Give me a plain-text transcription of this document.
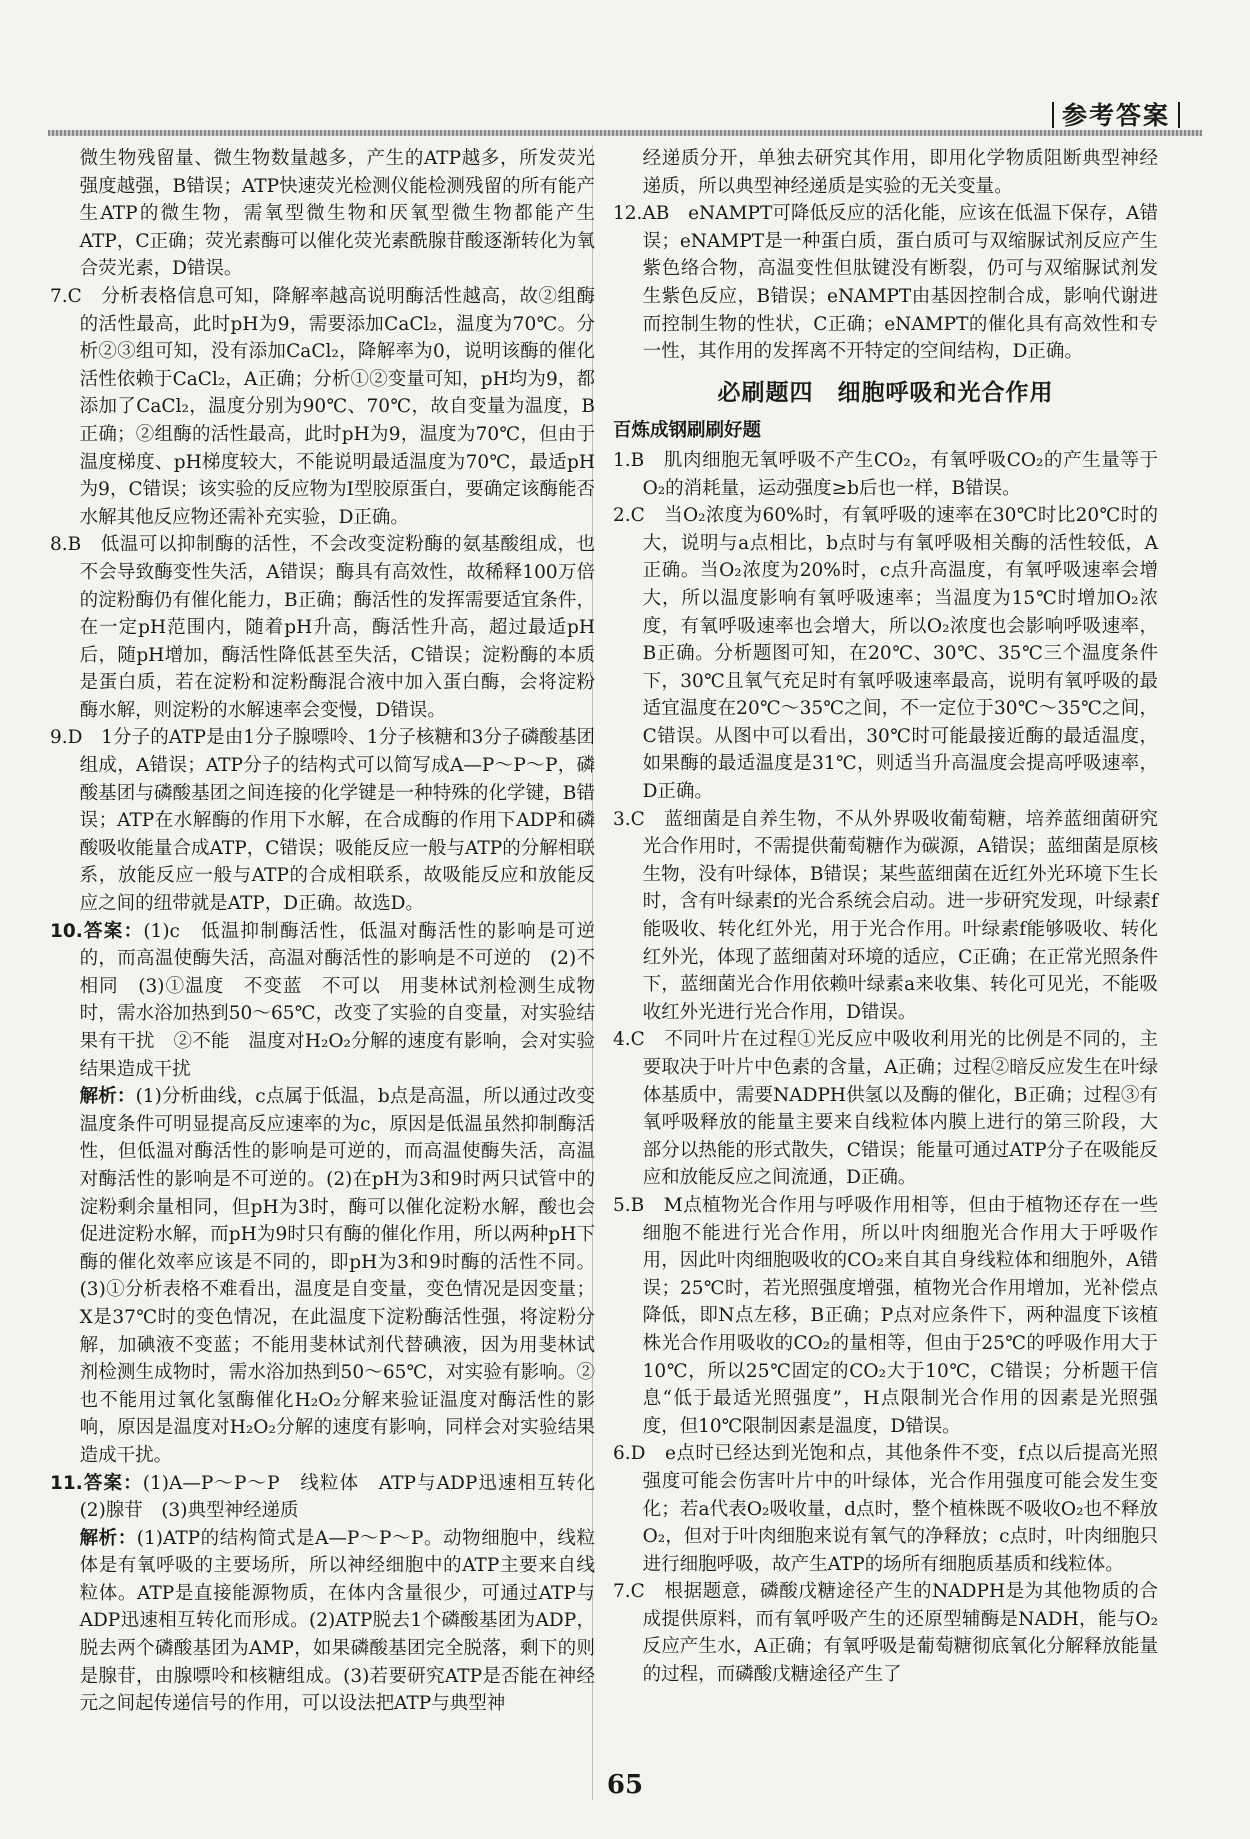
参考答案

微生物残留量、微生物数量越多，产生的ATP越多，所发荧光强度越强，B错误；ATP快速荧光检测仪能检测残留的所有能产生ATP的微生物，需氧型微生物和厌氧型微生物都能产生ATP，C正确；荧光素酶可以催化荧光素酰腺苷酸逐渐转化为氧合荧光素，D错误。

7.C　分析表格信息可知，降解率越高说明酶活性越高，故②组酶的活性最高，此时pH为9，需要添加CaCl₂，温度为70℃。分析②③组可知，没有添加CaCl₂，降解率为0，说明该酶的催化活性依赖于CaCl₂，A正确；分析①②变量可知，pH均为9，都添加了CaCl₂，温度分别为90℃、70℃，故自变量为温度，B正确；②组酶的活性最高，此时pH为9，温度为70℃，但由于温度梯度、pH梯度较大，不能说明最适温度为70℃，最适pH为9，C错误；该实验的反应物为Ⅰ型胶原蛋白，要确定该酶能否水解其他反应物还需补充实验，D正确。

8.B　低温可以抑制酶的活性，不会改变淀粉酶的氨基酸组成，也不会导致酶变性失活，A错误；酶具有高效性，故稀释100万倍的淀粉酶仍有催化能力，B正确；酶活性的发挥需要适宜条件，在一定pH范围内，随着pH升高，酶活性升高，超过最适pH后，随pH增加，酶活性降低甚至失活，C错误；淀粉酶的本质是蛋白质，若在淀粉和淀粉酶混合液中加入蛋白酶，会将淀粉酶水解，则淀粉的水解速率会变慢，D错误。

9.D　1分子的ATP是由1分子腺嘌呤、1分子核糖和3分子磷酸基团组成，A错误；ATP分子的结构式可以简写成A—P～P～P，磷酸基团与磷酸基团之间连接的化学键是一种特殊的化学键，B错误；ATP在水解酶的作用下水解，在合成酶的作用下ADP和磷酸吸收能量合成ATP，C错误；吸能反应一般与ATP的分解相联系，放能反应一般与ATP的合成相联系，故吸能反应和放能反应之间的纽带就是ATP，D正确。故选D。

10.答案：(1)c　低温抑制酶活性，低温对酶活性的影响是可逆的，而高温使酶失活，高温对酶活性的影响是不可逆的　(2)不相同　(3)①温度　不变蓝　不可以　用斐林试剂检测生成物时，需水浴加热到50～65℃，改变了实验的自变量，对实验结果有干扰　②不能　温度对H₂O₂分解的速度有影响，会对实验结果造成干扰

解析：(1)分析曲线，c点属于低温，b点是高温，所以通过改变温度条件可明显提高反应速率的为c，原因是低温虽然抑制酶活性，但低温对酶活性的影响是可逆的，而高温使酶失活，高温对酶活性的影响是不可逆的。(2)在pH为3和9时两只试管中的淀粉剩余量相同，但pH为3时，酶可以催化淀粉水解，酸也会促进淀粉水解，而pH为9时只有酶的催化作用，所以两种pH下酶的催化效率应该是不同的，即pH为3和9时酶的活性不同。(3)①分析表格不难看出，温度是自变量，变色情况是因变量；X是37℃时的变色情况，在此温度下淀粉酶活性强，将淀粉分解，加碘液不变蓝；不能用斐林试剂代替碘液，因为用斐林试剂检测生成物时，需水浴加热到50～65℃，对实验有影响。②也不能用过氧化氢酶催化H₂O₂分解来验证温度对酶活性的影响，原因是温度对H₂O₂分解的速度有影响，同样会对实验结果造成干扰。

11.答案：(1)A—P～P～P　线粒体　ATP与ADP迅速相互转化　(2)腺苷　(3)典型神经递质

解析：(1)ATP的结构简式是A—P～P～P。动物细胞中，线粒体是有氧呼吸的主要场所，所以神经细胞中的ATP主要来自线粒体。ATP是直接能源物质，在体内含量很少，可通过ATP与ADP迅速相互转化而形成。(2)ATP脱去1个磷酸基团为ADP，脱去两个磷酸基团为AMP，如果磷酸基团完全脱落，剩下的则是腺苷，由腺嘌呤和核糖组成。(3)若要研究ATP是否能在神经元之间起传递信号的作用，可以设法把ATP与典型神

经递质分开，单独去研究其作用，即用化学物质阻断典型神经递质，所以典型神经递质是实验的无关变量。

12.AB　eNAMPT可降低反应的活化能，应该在低温下保存，A错误；eNAMPT是一种蛋白质，蛋白质可与双缩脲试剂反应产生紫色络合物，高温变性但肽键没有断裂，仍可与双缩脲试剂发生紫色反应，B错误；eNAMPT由基因控制合成，影响代谢进而控制生物的性状，C正确；eNAMPT的催化具有高效性和专一性，其作用的发挥离不开特定的空间结构，D正确。

必刷题四　细胞呼吸和光合作用
百炼成钢刷刷好题

1.B　肌肉细胞无氧呼吸不产生CO₂，有氧呼吸CO₂的产生量等于O₂的消耗量，运动强度≥b后也一样，B错误。

2.C　当O₂浓度为60%时，有氧呼吸的速率在30℃时比20℃时的大，说明与a点相比，b点时与有氧呼吸相关酶的活性较低，A正确。当O₂浓度为20%时，c点升高温度，有氧呼吸速率会增大，所以温度影响有氧呼吸速率；当温度为15℃时增加O₂浓度，有氧呼吸速率也会增大，所以O₂浓度也会影响呼吸速率，B正确。分析题图可知，在20℃、30℃、35℃三个温度条件下，30℃且氧气充足时有氧呼吸速率最高，说明有氧呼吸的最适宜温度在20℃～35℃之间，不一定位于30℃～35℃之间，C错误。从图中可以看出，30℃时可能最接近酶的最适温度，如果酶的最适温度是31℃，则适当升高温度会提高呼吸速率，D正确。

3.C　蓝细菌是自养生物，不从外界吸收葡萄糖，培养蓝细菌研究光合作用时，不需提供葡萄糖作为碳源，A错误；蓝细菌是原核生物，没有叶绿体，B错误；某些蓝细菌在近红外光环境下生长时，含有叶绿素f的光合系统会启动。进一步研究发现，叶绿素f能吸收、转化红外光，用于光合作用。叶绿素f能够吸收、转化红外光，体现了蓝细菌对环境的适应，C正确；在正常光照条件下，蓝细菌光合作用依赖叶绿素a来收集、转化可见光，不能吸收红外光进行光合作用，D错误。

4.C　不同叶片在过程①光反应中吸收利用光的比例是不同的，主要取决于叶片中色素的含量，A正确；过程②暗反应发生在叶绿体基质中，需要NADPH供氢以及酶的催化，B正确；过程③有氧呼吸释放的能量主要来自线粒体内膜上进行的第三阶段，大部分以热能的形式散失，C错误；能量可通过ATP分子在吸能反应和放能反应之间流通，D正确。

5.B　M点植物光合作用与呼吸作用相等，但由于植物还存在一些细胞不能进行光合作用，所以叶肉细胞光合作用大于呼吸作用，因此叶肉细胞吸收的CO₂来自其自身线粒体和细胞外，A错误；25℃时，若光照强度增强，植物光合作用增加，光补偿点降低，即N点左移，B正确；P点对应条件下，两种温度下该植株光合作用吸收的CO₂的量相等，但由于25℃的呼吸作用大于10℃，所以25℃固定的CO₂大于10℃，C错误；分析题干信息“低于最适光照强度”，H点限制光合作用的因素是光照强度，但10℃限制因素是温度，D错误。

6.D　e点时已经达到光饱和点，其他条件不变，f点以后提高光照强度可能会伤害叶片中的叶绿体，光合作用强度可能会发生变化；若a代表O₂吸收量，d点时，整个植株既不吸收O₂也不释放O₂，但对于叶肉细胞来说有氧气的净释放；c点时，叶肉细胞只进行细胞呼吸，故产生ATP的场所有细胞质基质和线粒体。

7.C　根据题意，磷酸戊糖途径产生的NADPH是为其他物质的合成提供原料，而有氧呼吸产生的还原型辅酶是NADH，能与O₂反应产生水，A正确；有氧呼吸是葡萄糖彻底氧化分解释放能量的过程，而磷酸戊糖途径产生了

65
